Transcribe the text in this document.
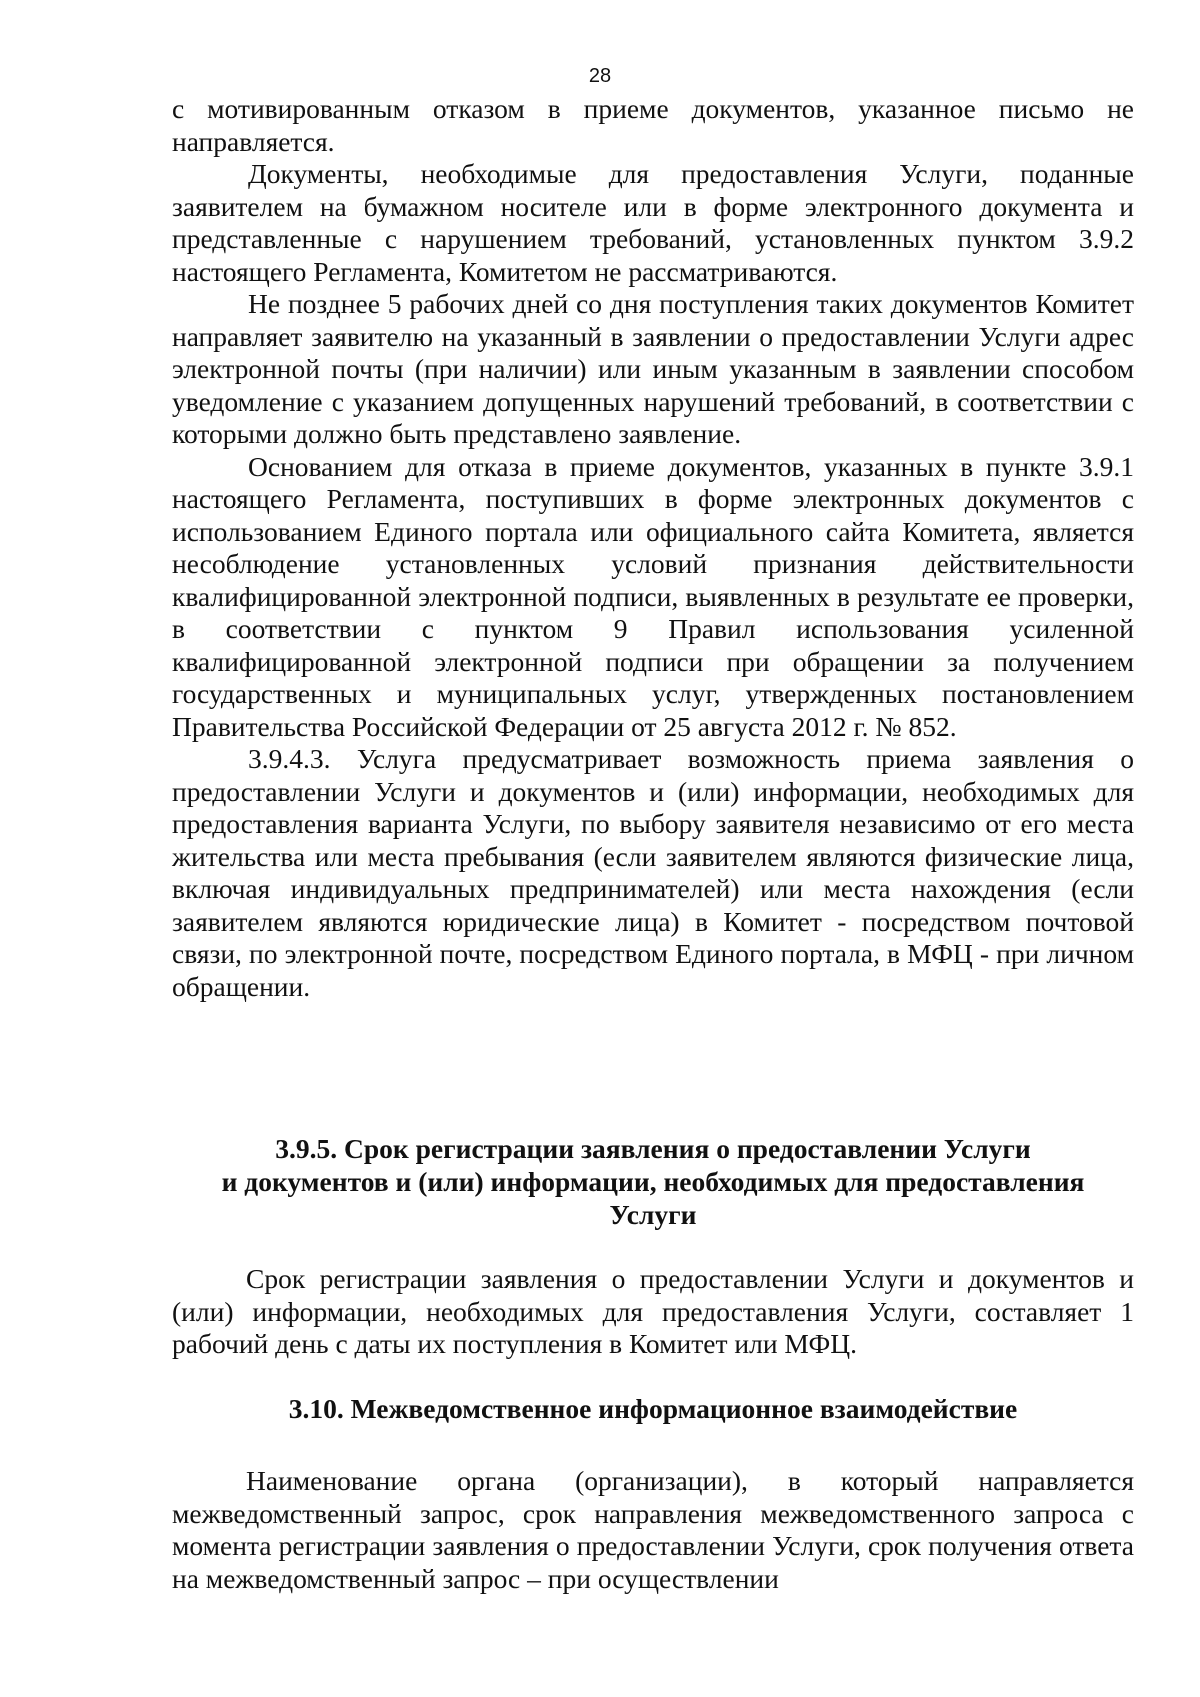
28

с мотивированным отказом в приеме документов, указанное письмо не направляется.

Документы, необходимые для предоставления Услуги, поданные заявителем на бумажном носителе или в форме электронного документа и представленные с нарушением требований, установленных пунктом 3.9.2 настоящего Регламента, Комитетом не рассматриваются.

Не позднее 5 рабочих дней со дня поступления таких документов Комитет направляет заявителю на указанный в заявлении о предоставлении Услуги адрес электронной почты (при наличии) или иным указанным в заявлении способом уведомление с указанием допущенных нарушений требований, в соответствии с которыми должно быть представлено заявление.

Основанием для отказа в приеме документов, указанных в пункте 3.9.1 настоящего Регламента, поступивших в форме электронных документов с использованием Единого портала или официального сайта Комитета, является несоблюдение установленных условий признания действительности квалифицированной электронной подписи, выявленных в результате ее проверки, в соответствии с пунктом 9 Правил использования усиленной квалифицированной электронной подписи при обращении за получением государственных и муниципальных услуг, утвержденных постановлением Правительства Российской Федерации от 25 августа 2012 г. № 852.

3.9.4.3. Услуга предусматривает возможность приема заявления о предоставлении Услуги и документов и (или) информации, необходимых для предоставления варианта Услуги, по выбору заявителя независимо от его места жительства или места пребывания (если заявителем являются физические лица, включая индивидуальных предпринимателей) или места нахождения (если заявителем являются юридические лица) в Комитет - посредством почтовой связи, по электронной почте, посредством Единого портала, в МФЦ - при личном обращении.

3.9.5. Срок регистрации заявления о предоставлении Услуги
и документов и (или) информации, необходимых для предоставления
Услуги

Срок регистрации заявления о предоставлении Услуги и документов и (или) информации, необходимых для предоставления Услуги, составляет 1 рабочий день с даты их поступления в Комитет или МФЦ.

3.10. Межведомственное информационное взаимодействие

Наименование органа (организации), в который направляется межведомственный запрос, срок направления межведомственного запроса с момента регистрации заявления о предоставлении Услуги, срок получения ответа на межведомственный запрос – при осуществлении
